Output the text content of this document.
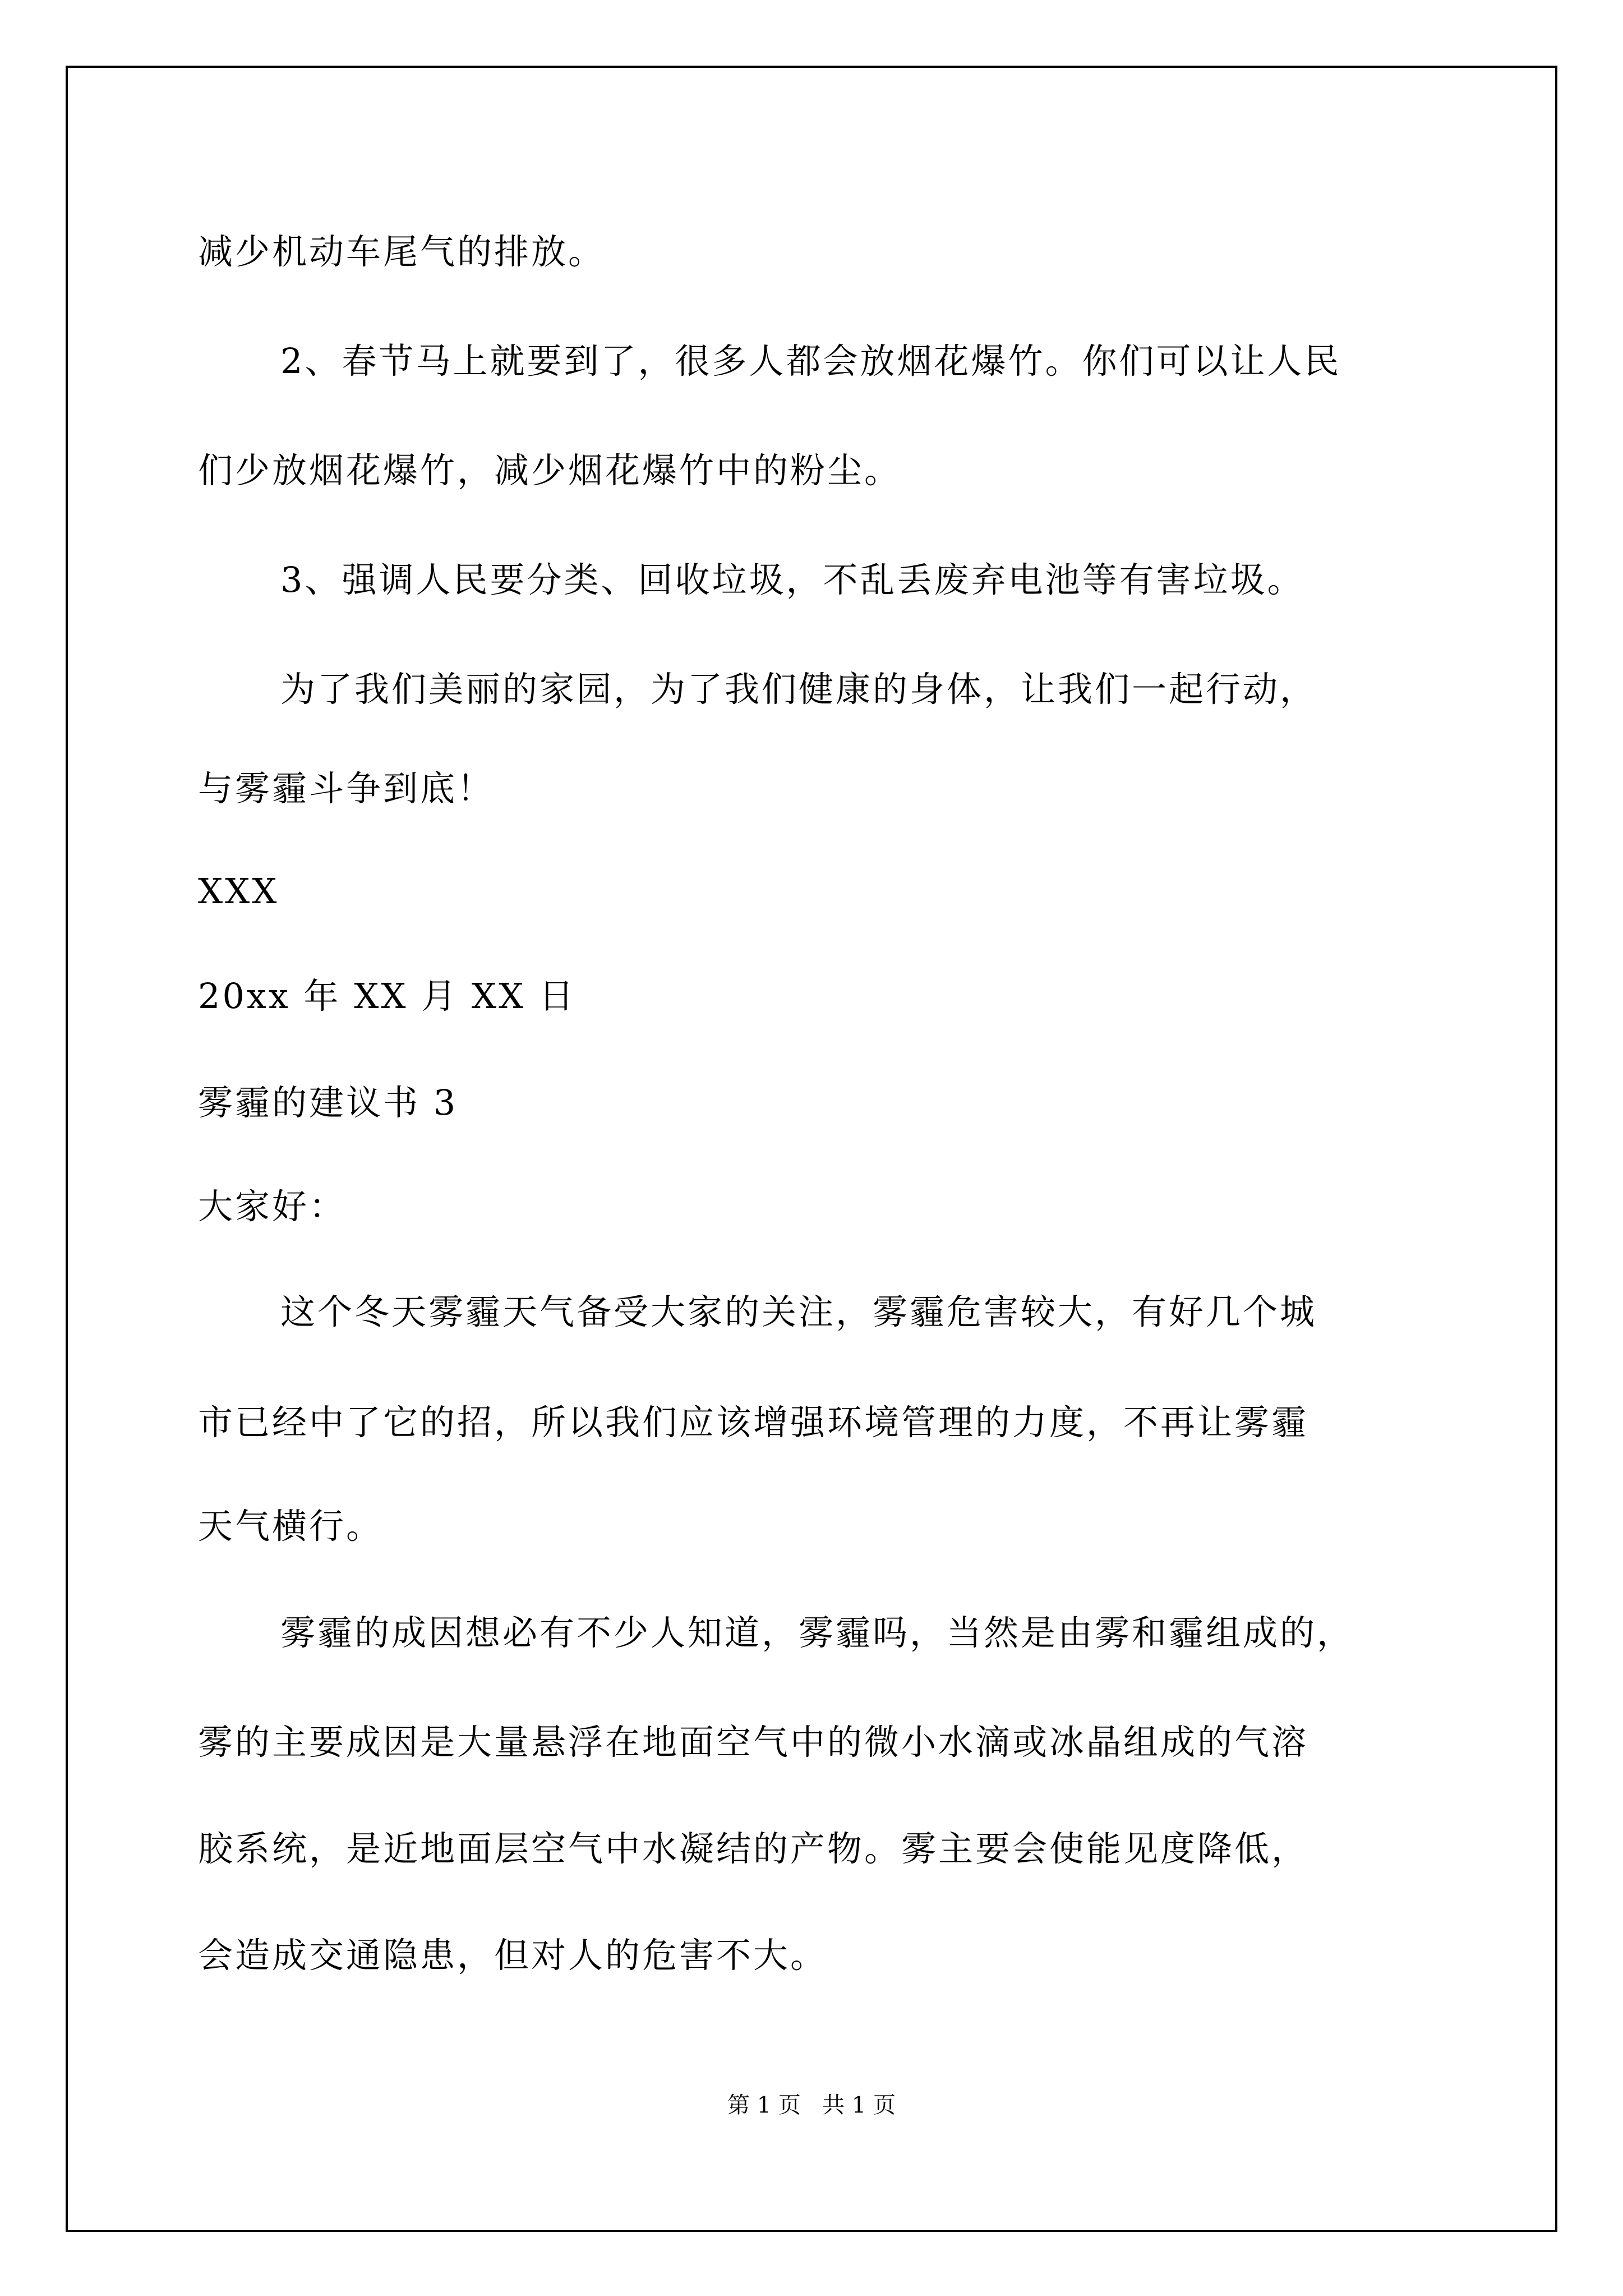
减少机动车尾气的排放。
2、春节马上就要到了，很多人都会放烟花爆竹。你们可以让人民
们少放烟花爆竹，减少烟花爆竹中的粉尘。
3、强调人民要分类、回收垃圾，不乱丢废弃电池等有害垃圾。
为了我们美丽的家园，为了我们健康的身体，让我们一起行动，
与雾霾斗争到底！
XXX
20xx 年 XX 月 XX 日
雾霾的建议书 3
大家好：
这个冬天雾霾天气备受大家的关注，雾霾危害较大，有好几个城
市已经中了它的招，所以我们应该增强环境管理的力度，不再让雾霾
天气横行。
雾霾的成因想必有不少人知道，雾霾吗，当然是由雾和霾组成的，
雾的主要成因是大量悬浮在地面空气中的微小水滴或冰晶组成的气溶
胶系统，是近地面层空气中水凝结的产物。雾主要会使能见度降低，
会造成交通隐患，但对人的危害不大。
第 1 页   共 1 页
